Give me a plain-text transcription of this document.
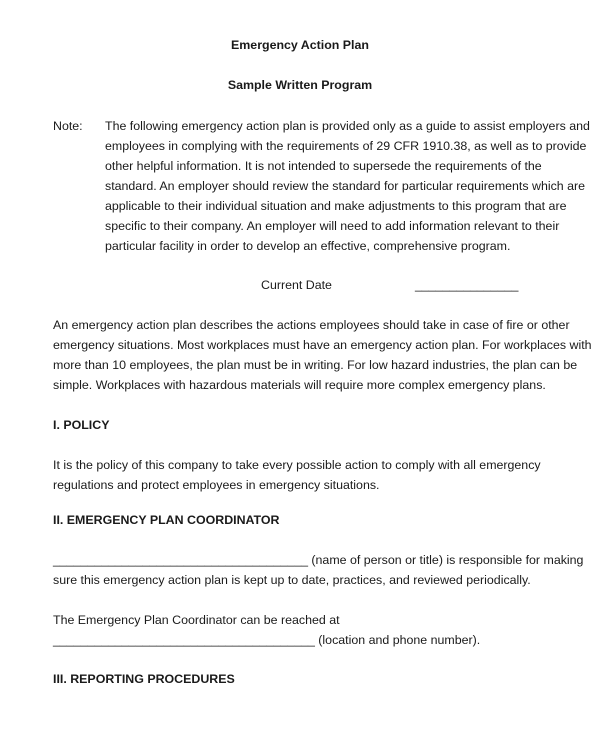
Emergency Action Plan
Sample Written Program
Note: The following emergency action plan is provided only as a guide to assist employers and
employees in complying with the requirements of 29 CFR 1910.38, as well as to provide
other helpful information. It is not intended to supersede the requirements of the
standard. An employer should review the standard for particular requirements which are
applicable to their individual situation and make adjustments to this program that are
specific to their company. An employer will need to add information relevant to their
particular facility in order to develop an effective, comprehensive program.
Current Date	_______________
An emergency action plan describes the actions employees should take in case of fire or other
emergency situations. Most workplaces must have an emergency action plan. For workplaces with
more than 10 employees, the plan must be in writing. For low hazard industries, the plan can be
simple. Workplaces with hazardous materials will require more complex emergency plans.
I. POLICY
It is the policy of this company to take every possible action to comply with all emergency
regulations and protect employees in emergency situations.
II. EMERGENCY PLAN COORDINATOR
_____________________________________ (name of person or title) is responsible for making
sure this emergency action plan is kept up to date, practices, and reviewed periodically.
The Emergency Plan Coordinator can be reached at
______________________________________ (location and phone number).
III. REPORTING PROCEDURES
